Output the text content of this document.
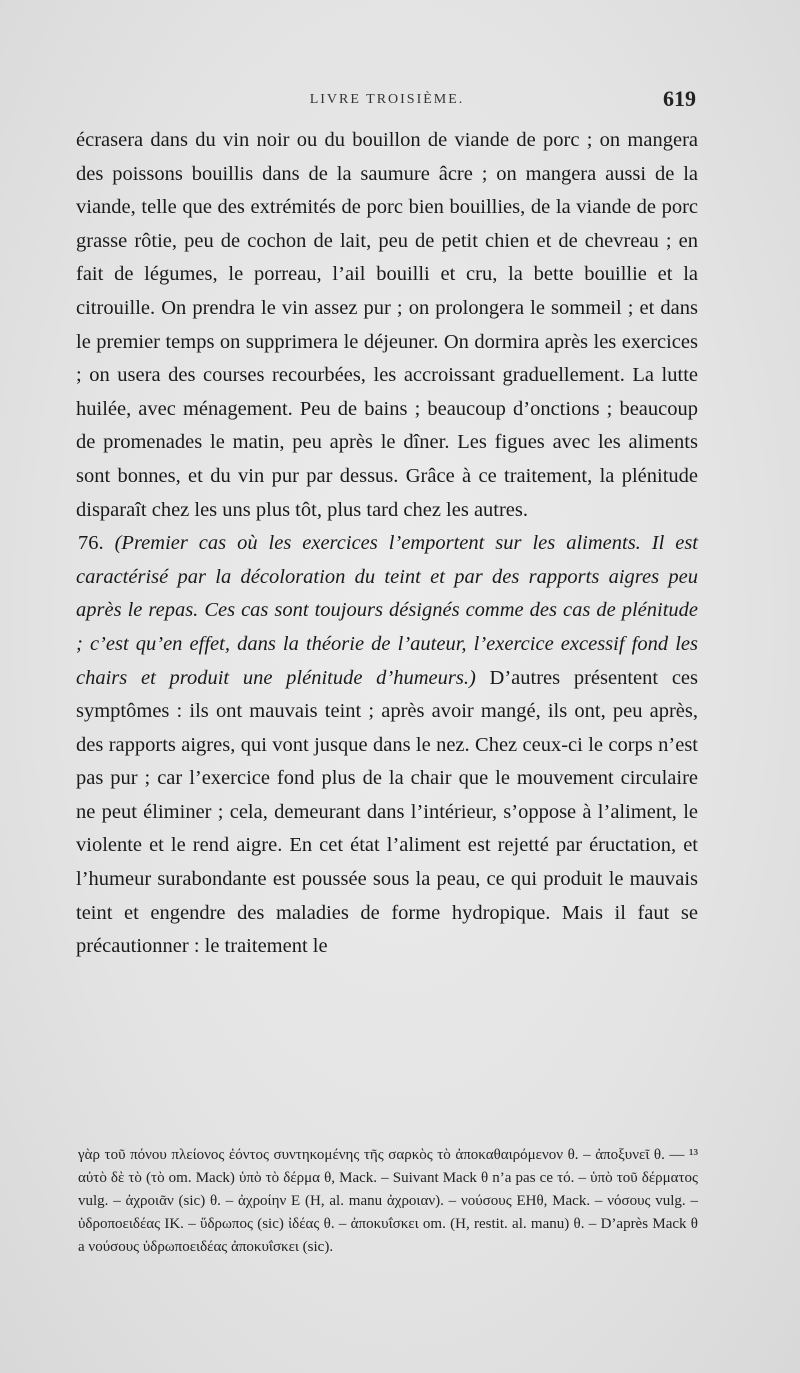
LIVRE TROISIÈME.	619

écrasera dans du vin noir ou du bouillon de viande de porc ; on mangera des poissons bouillis dans de la saumure âcre ; on mangera aussi de la viande, telle que des extrémités de porc bien bouillies, de la viande de porc grasse rôtie, peu de cochon de lait, peu de petit chien et de chevreau ; en fait de légumes, le porreau, l’ail bouilli et cru, la bette bouillie et la citrouille. On prendra le vin assez pur ; on prolongera le sommeil ; et dans le premier temps on supprimera le déjeuner. On dormira après les exercices ; on usera des courses recourbées, les accroissant graduellement. La lutte huilée, avec ménagement. Peu de bains ; beaucoup d’onctions ; beaucoup de promenades le matin, peu après le dîner. Les figues avec les aliments sont bonnes, et du vin pur par dessus. Grâce à ce traitement, la plénitude disparaît chez les uns plus tôt, plus tard chez les autres.

76. (Premier cas où les exercices l’emportent sur les aliments. Il est caractérisé par la décoloration du teint et par des rapports aigres peu après le repas. Ces cas sont toujours désignés comme des cas de plénitude ; c’est qu’en effet, dans la théorie de l’auteur, l’exercice excessif fond les chairs et produit une plénitude d’humeurs.) D’autres présentent ces symptômes : ils ont mauvais teint ; après avoir mangé, ils ont, peu après, des rapports aigres, qui vont jusque dans le nez. Chez ceux-ci le corps n’est pas pur ; car l’exercice fond plus de la chair que le mouvement circulaire ne peut éliminer ; cela, demeurant dans l’intérieur, s’oppose à l’aliment, le violente et le rend aigre. En cet état l’aliment est rejetté par éructation, et l’humeur surabondante est poussée sous la peau, ce qui produit le mauvais teint et engendre des maladies de forme hydropique. Mais il faut se précautionner : le traitement le

γὰρ τοῦ πόνου πλείονος ἐόντος συντηκομένης τῆς σαρκὸς τὸ ἀποκαθαιρόμενον θ. – ἀποξυνεῖ θ. — ¹³ αὐτὸ δὲ τὸ (τὸ om. Mack) ὑπὸ τὸ δέρμα θ, Mack. – Suivant Mack θ n’a pas ce τό. – ὑπὸ τοῦ δέρματος vulg. – ἀχροιᾶν (sic) θ. – ἀχροίην E (H, al. manu ἀχροιαν). – νούσους EHθ, Mack. – νόσους vulg. – ὑδροποειδέας IK. – ὕδρωπος (sic) ἰδέας θ. – ἀποκυΐσκει om. (H, restit. al. manu) θ. – D’après Mack θ a νούσους ὑδρωποειδέας ἀποκυΐσκει (sic).
